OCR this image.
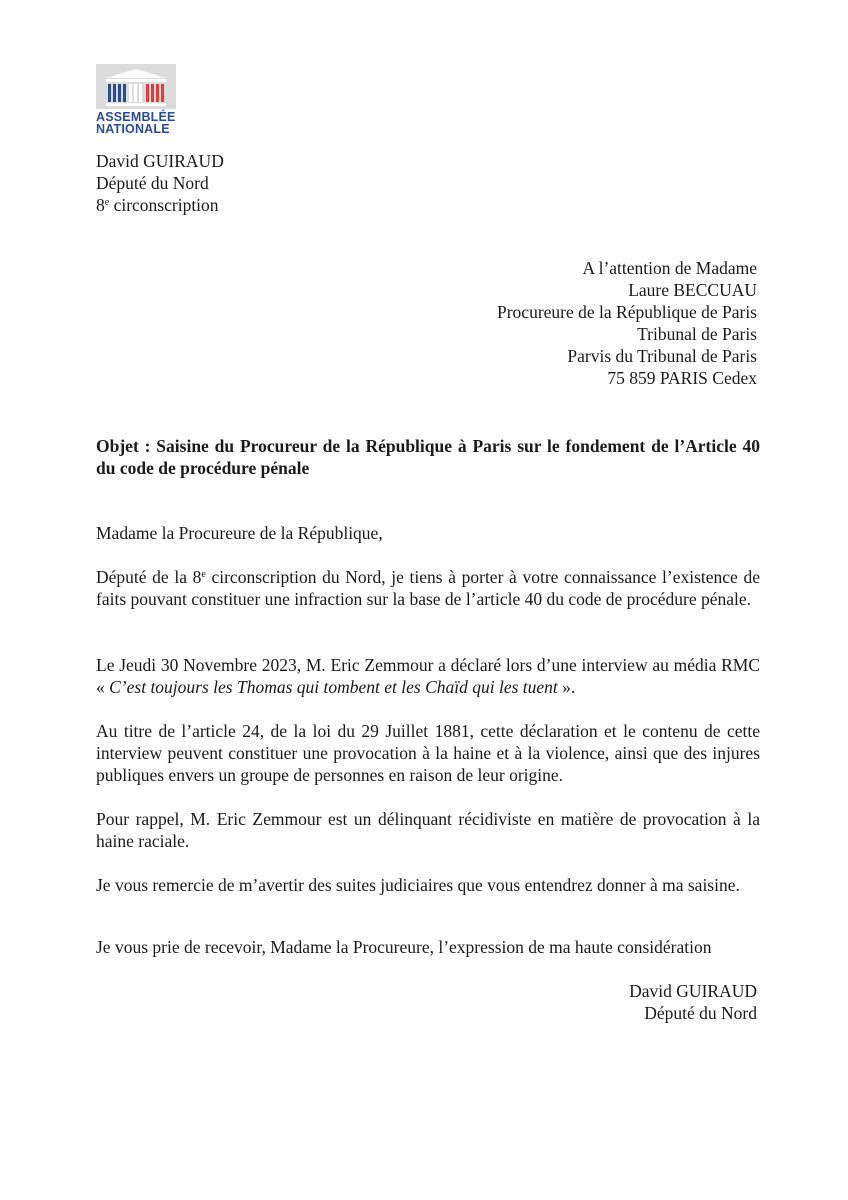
ASSEMBLÉE
NATIONALE
David GUIRAUD
Député du Nord
8e circonscription
A l’attention de Madame
Laure BECCUAU
Procureure de la République de Paris
Tribunal de Paris
Parvis du Tribunal de Paris
75 859 PARIS Cedex
Objet : Saisine du Procureur de la République à Paris sur le fondement de l’Article 40 du code de procédure pénale
Madame la Procureure de la République,
Député de la 8e circonscription du Nord, je tiens à porter à votre connaissance l’existence de faits pouvant constituer une infraction sur la base de l’article 40 du code de procédure pénale.
Le Jeudi 30 Novembre 2023, M. Eric Zemmour a déclaré lors d’une interview au média RMC « C’est toujours les Thomas qui tombent et les Chaïd qui les tuent ».
Au titre de l’article 24, de la loi du 29 Juillet 1881, cette déclaration et le contenu de cette interview peuvent constituer une provocation à la haine et à la violence, ainsi que des injures publiques envers un groupe de personnes en raison de leur origine.
Pour rappel, M. Eric Zemmour est un délinquant récidiviste en matière de provocation à la haine raciale.
Je vous remercie de m’avertir des suites judiciaires que vous entendrez donner à ma saisine.
Je vous prie de recevoir, Madame la Procureure, l’expression de ma haute considération
David GUIRAUD
Député du Nord
